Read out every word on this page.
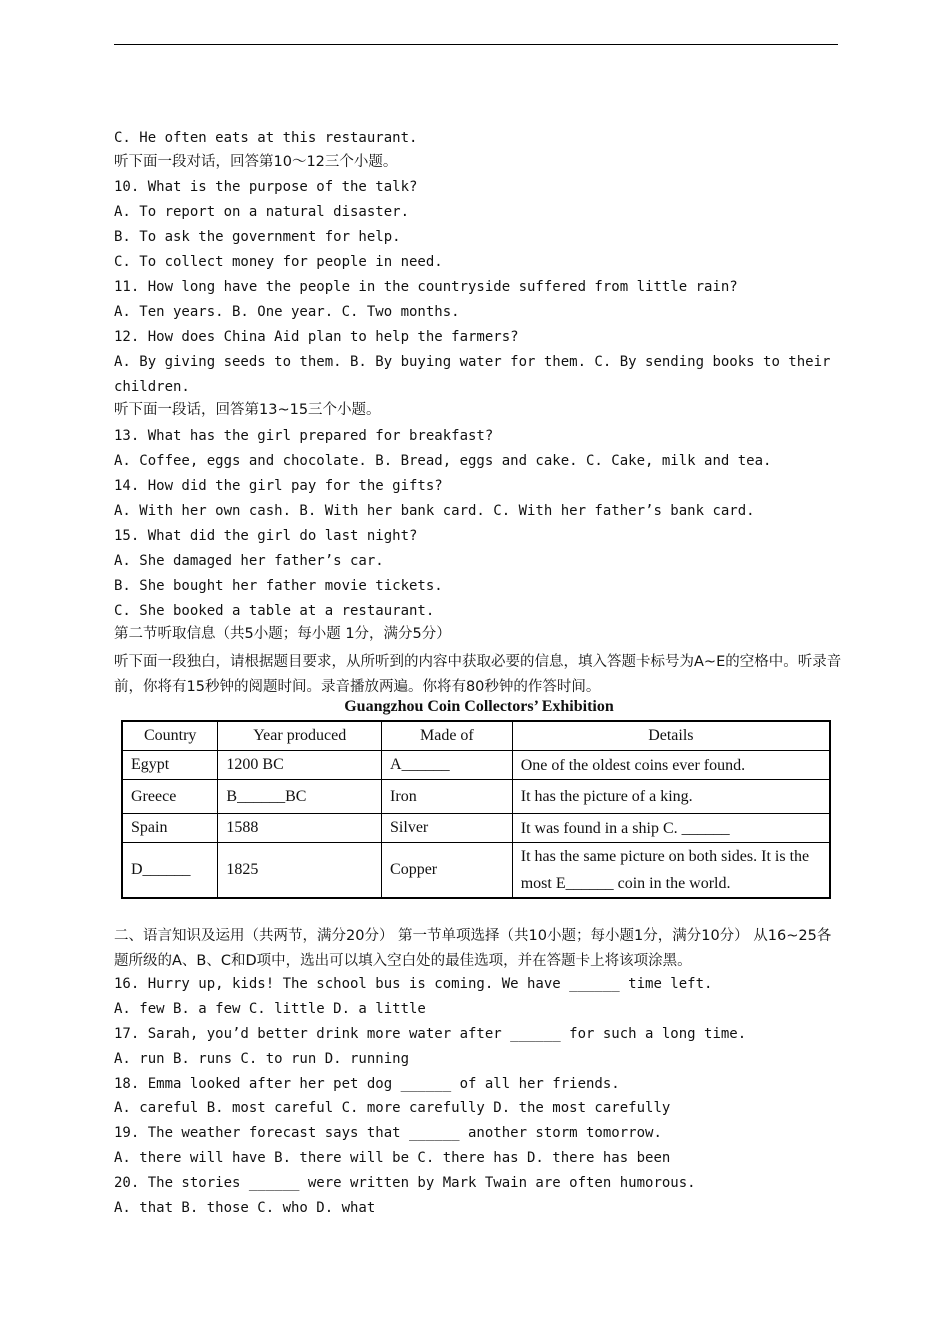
C. He often eats at this restaurant.
听下面一段对话，回答第10～12三个小题。
10. What is the purpose of the talk?
A. To report on a natural disaster.
B. To ask the government for help.
C. To collect money for people in need.
11. How long have the people in the countryside suffered from little rain?
A. Ten years. B. One year. C. Two months.
12. How does China Aid plan to help the farmers?
A. By giving seeds to them. B. By buying water for them. C. By sending books to their
children.
听下面一段话，回答第13~15三个小题。
13. What has the girl prepared for breakfast?
A. Coffee, eggs and chocolate. B. Bread, eggs and cake. C. Cake, milk and tea.
14. How did the girl pay for the gifts?
A. With her own cash. B. With her bank card. C. With her father’s bank card.
15. What did the girl do last night?
A. She damaged her father’s car.
B. She bought her father movie tickets.
C. She booked a table at a restaurant.
第二节听取信息（共5小题；每小题 1分，满分5分）
听下面一段独白，请根据题目要求，从所听到的内容中获取必要的信息，填入答题卡标号为A~E的空格中。听录音前，你将有15秒钟的阅题时间。录音播放两遍。你将有80秒钟的作答时间。
Guangzhou Coin Collectors’ Exhibition
Country	Year produced	Made of	Details
Egypt	1200 BC	A______	One of the oldest coins ever found.
Greece	B______BC	Iron	It has the picture of a king.
Spain	1588	Silver	It was found in a ship C. ______
D______	1825	Copper	It has the same picture on both sides. It is the most E______ coin in the world.
二、语言知识及运用（共两节，满分20分） 第一节单项选择（共10小题；每小题1分，满分10分） 从16~25各题所级的A、B、C和D项中，选出可以填入空白处的最佳选项，并在答题卡上将该项涂黑。
16. Hurry up, kids! The school bus is coming. We have ______ time left.
A. few B. a few C. little D. a little
17. Sarah, you’d better drink more water after ______ for such a long time.
A. run B. runs C. to run D. running
18. Emma looked after her pet dog ______ of all her friends.
A. careful B. most careful C. more carefully D. the most carefully
19. The weather forecast says that ______ another storm tomorrow.
A. there will have B. there will be C. there has D. there has been
20. The stories ______ were written by Mark Twain are often humorous.
A. that B. those C. who D. what
